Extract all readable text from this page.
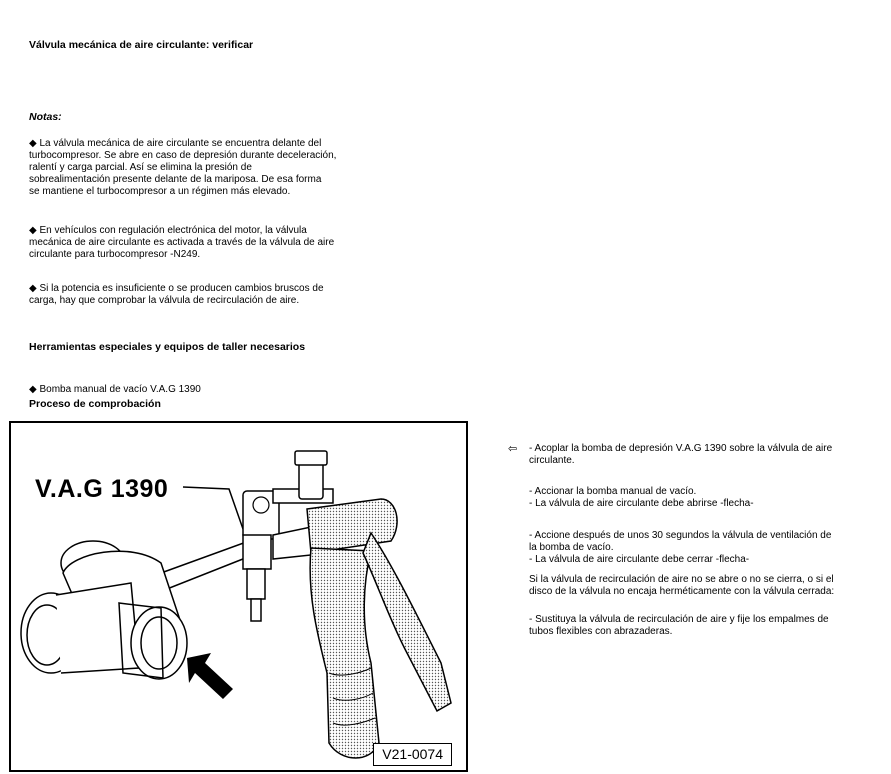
Válvula mecánica de aire circulante: verificar
Notas:
◆ La válvula mecánica de aire circulante se encuentra delante del
turbocompresor. Se abre en caso de depresión durante deceleración,
ralentí y carga parcial. Así se elimina la presión de
sobrealimentación presente delante de la mariposa. De esa forma
se mantiene el turbocompresor a un régimen más elevado.
◆ En vehículos con regulación electrónica del motor, la válvula
mecánica de aire circulante es activada a través de la válvula de aire
circulante para turbocompresor -N249.
◆ Si la potencia es insuficiente o se producen cambios bruscos de
carga, hay que comprobar la válvula de recirculación de aire.
Herramientas especiales y equipos de taller necesarios
◆ Bomba manual de vacío V.A.G 1390
Proceso de comprobación
V.A.G 1390
V21-0074
⇦ - Acoplar la bomba de depresión V.A.G 1390 sobre la válvula de aire
circulante.
- Accionar la bomba manual de vacío.
- La válvula de aire circulante debe abrirse -flecha-
- Accione después de unos 30 segundos la válvula de ventilación de
la bomba de vacío.
- La válvula de aire circulante debe cerrar -flecha-
Si la válvula de recirculación de aire no se abre o no se cierra, o si el
disco de la válvula no encaja herméticamente con la válvula cerrada:
- Sustituya la válvula de recirculación de aire y fije los empalmes de
tubos flexibles con abrazaderas.
